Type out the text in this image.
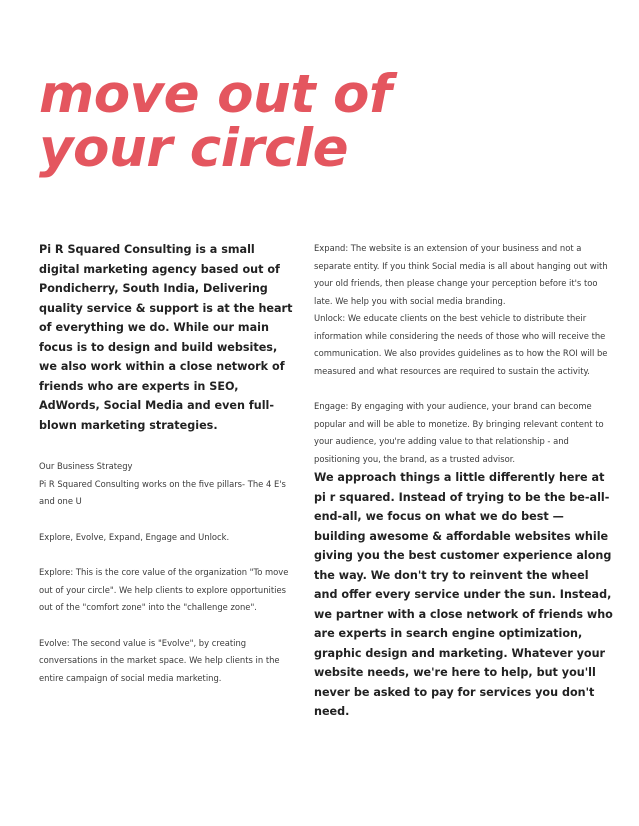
move out of
your circle

Pi R Squared Consulting is a small digital marketing agency based out of Pondicherry, South India, Delivering quality service & support is at the heart of everything we do. While our main focus is to design and build websites, we also work within a close network of friends who are experts in SEO, AdWords, Social Media and even full-blown marketing strategies.

Our Business Strategy
Pi R Squared Consulting works on the five pillars- The 4 E's and one U

Explore, Evolve, Expand, Engage and Unlock.

Explore: This is the core value of the organization "To move out of your circle". We help clients to explore opportunities out of the "comfort zone" into the "challenge zone".

Evolve: The second value is "Evolve", by creating conversations in the market space. We help clients in the entire campaign of social media marketing.

Expand: The website is an extension of your business and not a separate entity. If you think Social media is all about hanging out with your old friends, then please change your perception before it's too late. We help you with social media branding.

Unlock: We educate clients on the best vehicle to distribute their information while considering the needs of those who will receive the communication. We also provides guidelines as to how the ROI will be measured and what resources are required to sustain the activity.

Engage: By engaging with your audience, your brand can become popular and will be able to monetize. By bringing relevant content to your audience, you're adding value to that relationship - and positioning you, the brand, as a trusted advisor.

We approach things a little differently here at pi r squared. Instead of trying to be the be-all-end-all, we focus on what we do best — building awesome & affordable websites while giving you the best customer experience along the way. We don't try to reinvent the wheel and offer every service under the sun. Instead, we partner with a close network of friends who are experts in search engine optimization, graphic design and marketing. Whatever your website needs, we're here to help, but you'll never be asked to pay for services you don't need.
